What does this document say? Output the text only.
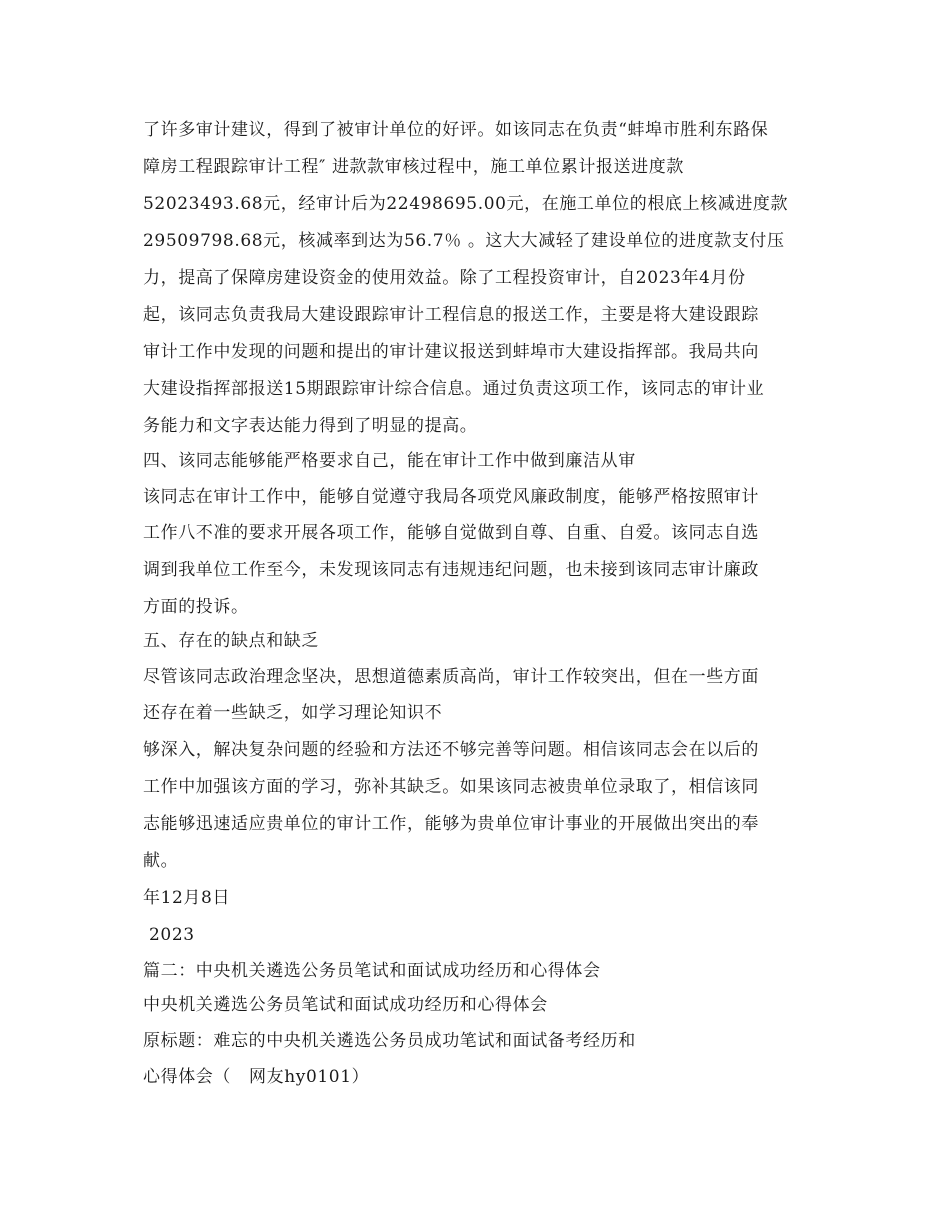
了许多审计建议，得到了被审计单位的好评。如该同志在负责“蚌埠市胜利东路保
障房工程跟踪审计工程″ 进款款审核过程中，施工单位累计报送进度款
52023493.68元，经审计后为22498695.00元，在施工单位的根底上核减进度款
29509798.68元，核减率到达为56.7％ 。这大大减轻了建设单位的进度款支付压
力，提高了保障房建设资金的使用效益。除了工程投资审计，自2023年4月份
起，该同志负责我局大建设跟踪审计工程信息的报送工作，主要是将大建设跟踪
审计工作中发现的问题和提出的审计建议报送到蚌埠市大建设指挥部。我局共向
大建设指挥部报送15期跟踪审计综合信息。通过负责这项工作，该同志的审计业
务能力和文字表达能力得到了明显的提高。
四、该同志能够能严格要求自己，能在审计工作中做到廉洁从审
该同志在审计工作中，能够自觉遵守我局各项党风廉政制度，能够严格按照审计
工作八不准的要求开展各项工作，能够自觉做到自尊、自重、自爱。该同志自选
调到我单位工作至今，未发现该同志有违规违纪问题，也未接到该同志审计廉政
方面的投诉。
五、存在的缺点和缺乏
尽管该同志政治理念坚决，思想道德素质高尚，审计工作较突出，但在一些方面
还存在着一些缺乏，如学习理论知识不
够深入，解决复杂问题的经验和方法还不够完善等问题。相信该同志会在以后的
工作中加强该方面的学习，弥补其缺乏。如果该同志被贵单位录取了，相信该同
志能够迅速适应贵单位的审计工作，能够为贵单位审计事业的开展做出突出的奉
献。
年12月8日
2023
篇二：中央机关遴选公务员笔试和面试成功经历和心得体会
中央机关遴选公务员笔试和面试成功经历和心得体会
原标题：难忘的中央机关遴选公务员成功笔试和面试备考经历和
心得体会（   网友hy0101）
